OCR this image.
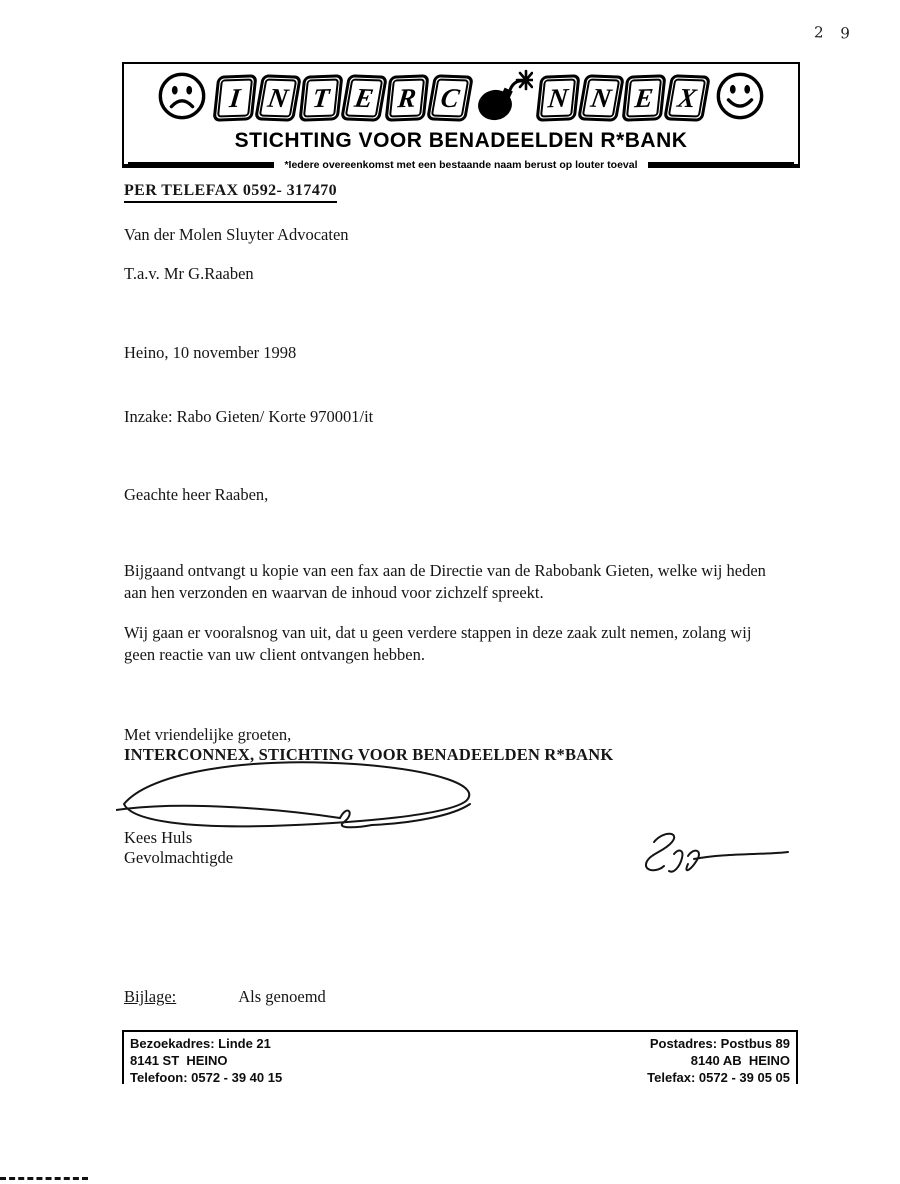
2 9
I N T E R C	N N E X
STICHTING VOOR BENADEELDEN R*BANK
*Iedere overeenkomst met een bestaande naam berust op louter toeval
PER TELEFAX 0592- 317470
Van der Molen Sluyter Advocaten
T.a.v. Mr G.Raaben
Heino, 10 november 1998
Inzake: Rabo Gieten/ Korte 970001/it
Geachte heer Raaben,
Bijgaand ontvangt u kopie van een fax aan de Directie van de Rabobank Gieten, welke wij heden aan hen verzonden en waarvan de inhoud voor zichzelf spreekt.
Wij gaan er vooralsnog van uit, dat u geen verdere stappen in deze zaak zult nemen, zolang wij geen reactie van uw client ontvangen hebben.
Met vriendelijke groeten,
INTERCONNEX, STICHTING VOOR BENADEELDEN R*BANK
Kees Huls
Gevolmachtigde
Bijlage:	Als genoemd
Bezoekadres: Linde 21
8141 ST  HEINO
Telefoon: 0572 - 39 40 15
Postadres: Postbus 89
8140 AB  HEINO
Telefax: 0572 - 39 05 05
